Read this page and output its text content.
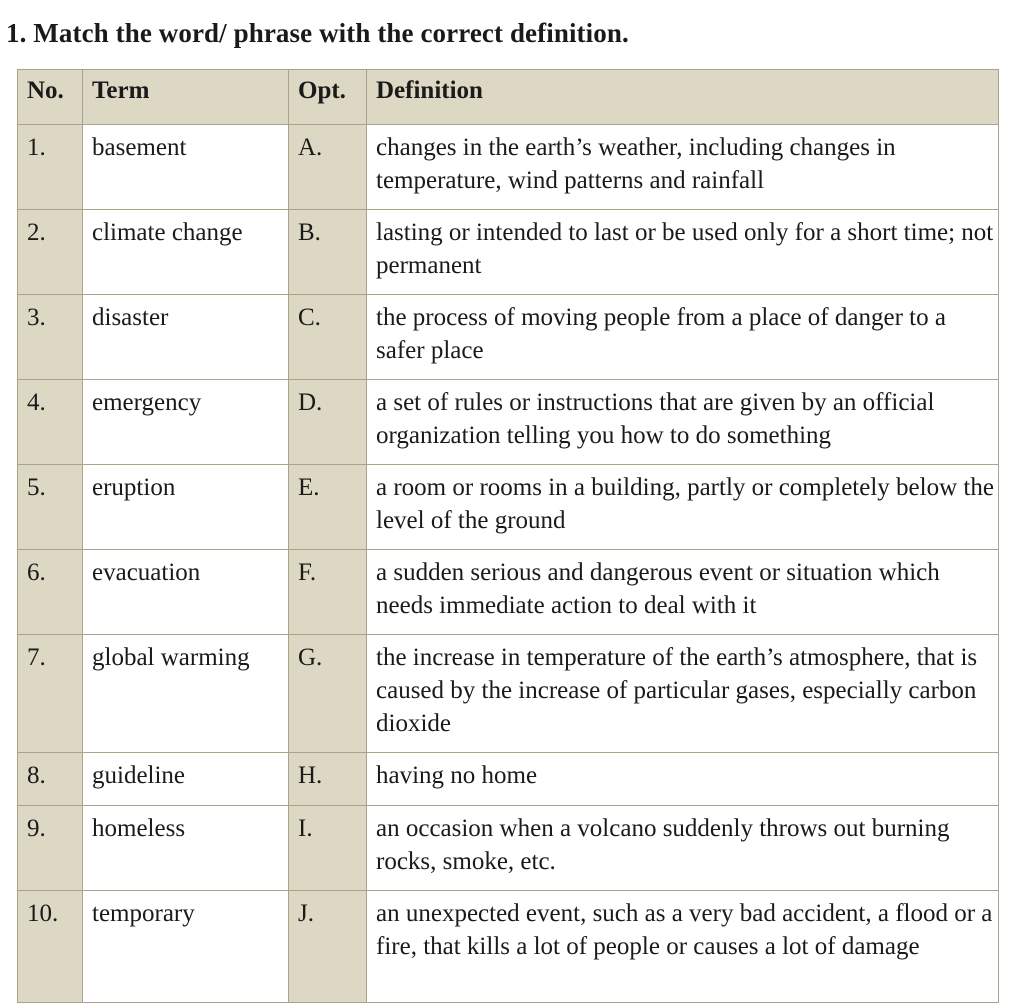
1. Match the word/ phrase with the correct definition.
No.	Term	Opt.	Definition
1.	basement	A.	changes in the earth’s weather, including changes in temperature, wind patterns and rainfall
2.	climate change	B.	lasting or intended to last or be used only for a short time; not permanent
3.	disaster	C.	the process of moving people from a place of danger to a safer place
4.	emergency	D.	a set of rules or instructions that are given by an official organization telling you how to do something
5.	eruption	E.	a room or rooms in a building, partly or completely below the level of the ground
6.	evacuation	F.	a sudden serious and dangerous event or situation which needs immediate action to deal with it
7.	global warming	G.	the increase in temperature of the earth’s atmosphere, that is caused by the increase of particular gases, especially carbon dioxide
8.	guideline	H.	having no home
9.	homeless	I.	an occasion when a volcano suddenly throws out burning rocks, smoke, etc.
10.	temporary	J.	an unexpected event, such as a very bad accident, a flood or a fire, that kills a lot of people or causes a lot of damage
